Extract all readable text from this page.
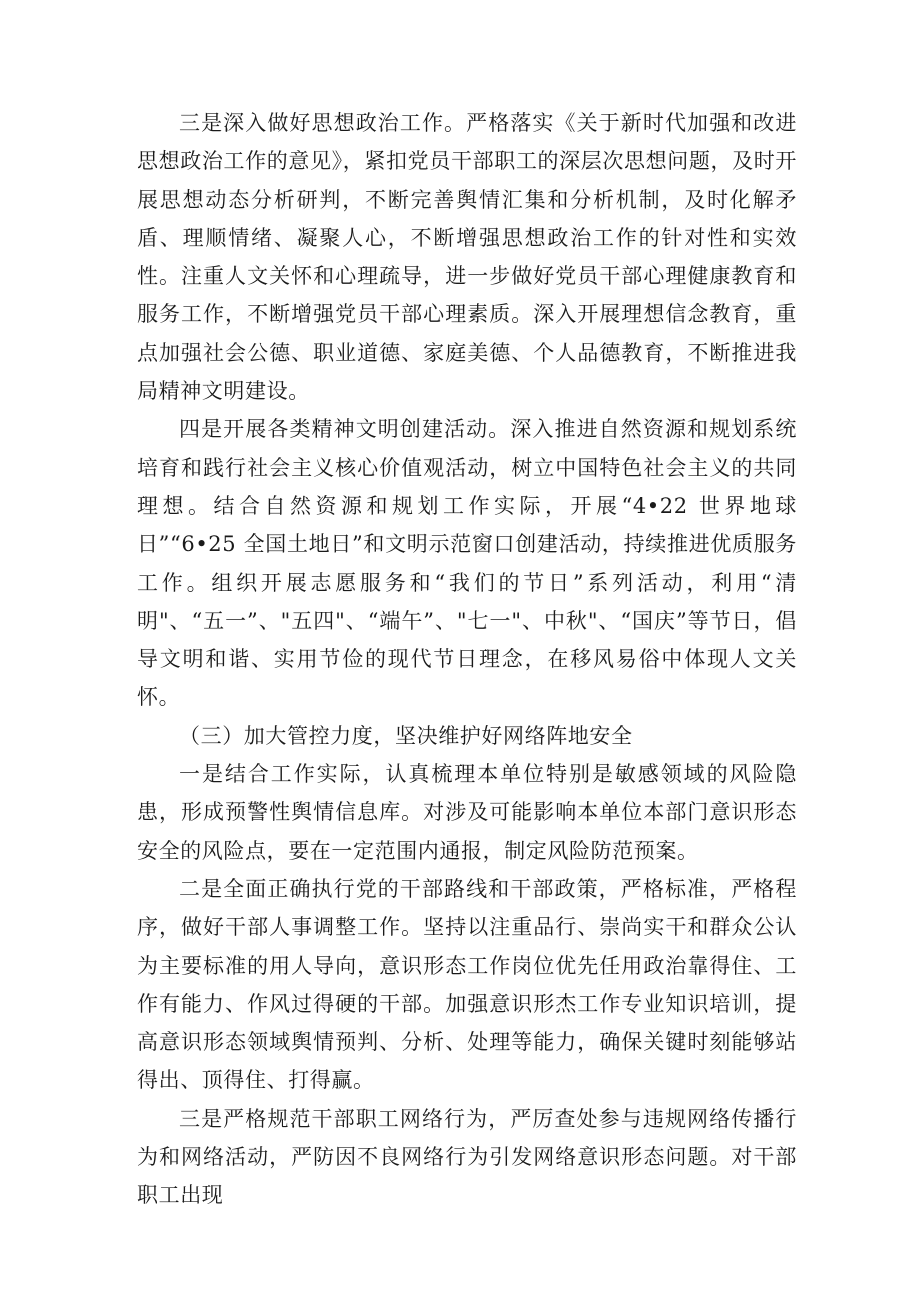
三是深入做好思想政治工作。严格落实《关于新时代加强和改进思想政治工作的意见》，紧扣党员干部职工的深层次思想问题，及时开展思想动态分析研判，不断完善舆情汇集和分析机制，及时化解矛盾、理顺情绪、凝聚人心，不断增强思想政治工作的针对性和实效性。注重人文关怀和心理疏导，进一步做好党员干部心理健康教育和服务工作，不断增强党员干部心理素质。深入开展理想信念教育，重点加强社会公德、职业道德、家庭美德、个人品德教育，不断推进我局精神文明建设。

四是开展各类精神文明创建活动。深入推进自然资源和规划系统培育和践行社会主义核心价值观活动，树立中国特色社会主义的共同理想。结合自然资源和规划工作实际，开展“4•22 世界地球日”“6•25 全国土地日”和文明示范窗口创建活动，持续推进优质服务工作。组织开展志愿服务和“我们的节日”系列活动，利用“清明"、“五一”、"五四"、“端午”、"七一"、中秋"、“国庆”等节日，倡导文明和谐、实用节俭的现代节日理念，在移风易俗中体现人文关怀。

（三）加大管控力度，坚决维护好网络阵地安全

一是结合工作实际，认真梳理本单位特别是敏感领域的风险隐患，形成预警性舆情信息库。对涉及可能影响本单位本部门意识形态安全的风险点，要在一定范围内通报，制定风险防范预案。

二是全面正确执行党的干部路线和干部政策，严格标准，严格程序，做好干部人事调整工作。坚持以注重品行、崇尚实干和群众公认为主要标准的用人导向，意识形态工作岗位优先任用政治靠得住、工作有能力、作风过得硬的干部。加强意识形杰工作专业知识培训，提高意识形态领域舆情预判、分析、处理等能力，确保关键时刻能够站得出、顶得住、打得赢。

三是严格规范干部职工网络行为，严厉查处参与违规网络传播行为和网络活动，严防因不良网络行为引发网络意识形态问题。对干部职工出现
